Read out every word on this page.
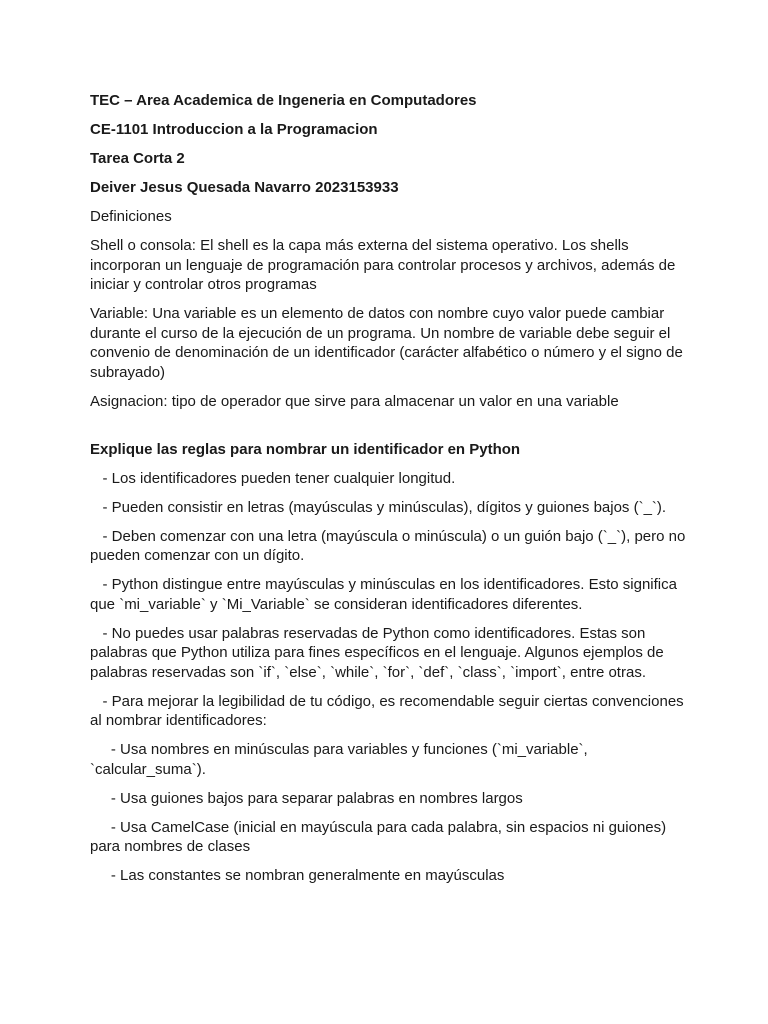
TEC – Area Academica de Ingeneria en Computadores

CE-1101 Introduccion a la Programacion

Tarea Corta 2

Deiver Jesus Quesada Navarro 2023153933

Definiciones

Shell o consola: El shell es la capa más externa del sistema operativo. Los shells incorporan un lenguaje de programación para controlar procesos y archivos, además de iniciar y controlar otros programas

Variable: Una variable es un elemento de datos con nombre cuyo valor puede cambiar durante el curso de la ejecución de un programa. Un nombre de variable debe seguir el convenio de denominación de un identificador (carácter alfabético o número y el signo de subrayado)

Asignacion: tipo de operador que sirve para almacenar un valor en una variable

Explique las reglas para nombrar un identificador en Python

- Los identificadores pueden tener cualquier longitud.

- Pueden consistir en letras (mayúsculas y minúsculas), dígitos y guiones bajos (`_`).

- Deben comenzar con una letra (mayúscula o minúscula) o un guión bajo (`_`), pero no pueden comenzar con un dígito.

- Python distingue entre mayúsculas y minúsculas en los identificadores. Esto significa que `mi_variable` y `Mi_Variable` se consideran identificadores diferentes.

- No puedes usar palabras reservadas de Python como identificadores. Estas son palabras que Python utiliza para fines específicos en el lenguaje. Algunos ejemplos de palabras reservadas son `if`, `else`, `while`, `for`, `def`, `class`, `import`, entre otras.

- Para mejorar la legibilidad de tu código, es recomendable seguir ciertas convenciones al nombrar identificadores:

- Usa nombres en minúsculas para variables y funciones (`mi_variable`, `calcular_suma`).

- Usa guiones bajos para separar palabras en nombres largos

- Usa CamelCase (inicial en mayúscula para cada palabra, sin espacios ni guiones) para nombres de clases

- Las constantes se nombran generalmente en mayúsculas
